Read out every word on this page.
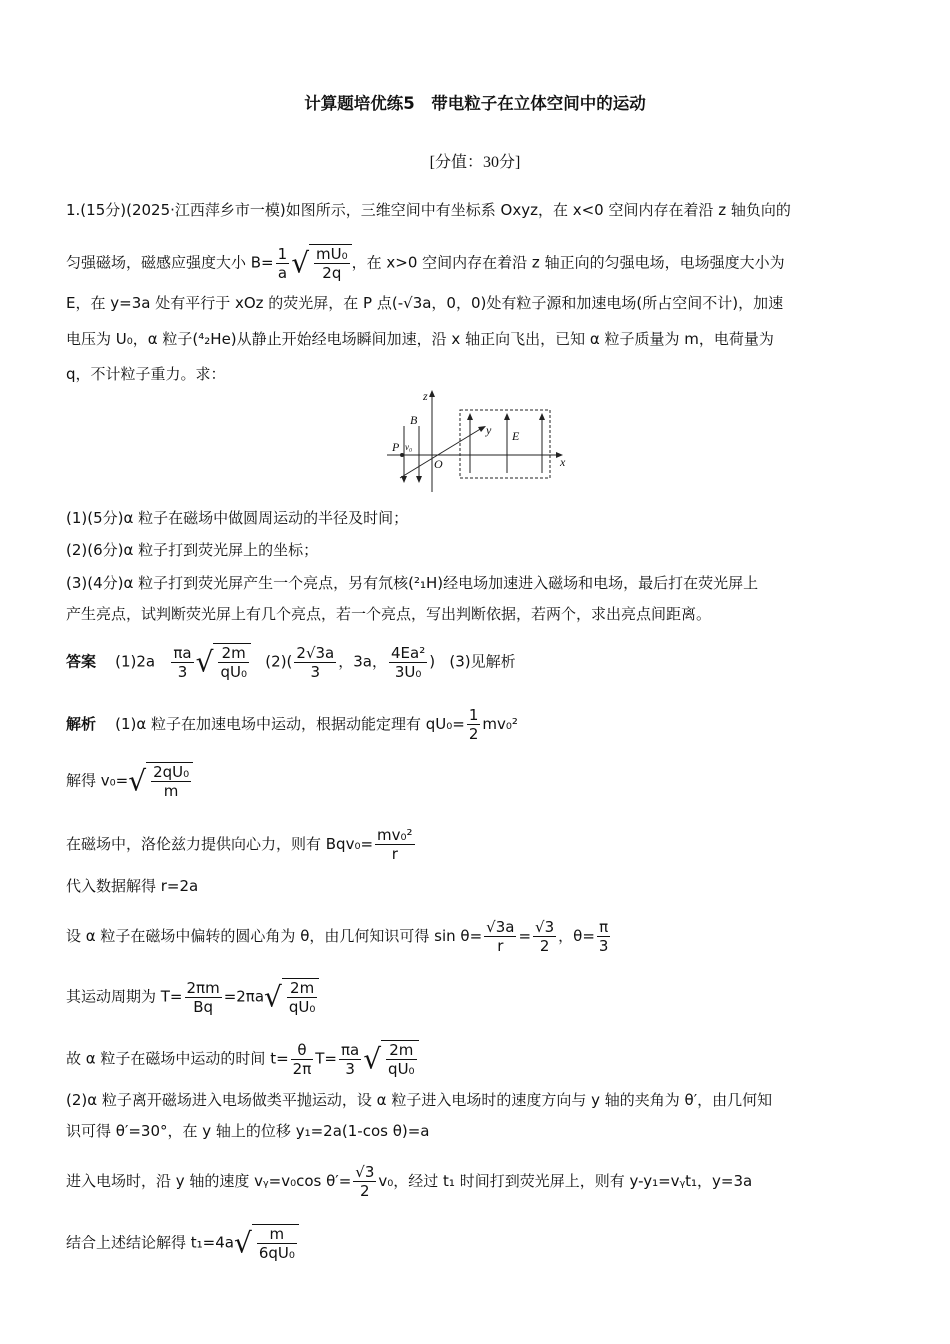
计算题培优练5　带电粒子在立体空间中的运动
[分值：30分]
1.(15分)(2025·江西萍乡市一模)如图所示，三维空间中有坐标系 Oxyz，在 x<0 空间内存在着沿 z 轴负向的
匀强磁场，磁感应强度大小 $B= \frac{1}{a}$ √ $\frac{\text{mU₀}}{2q}$ ，在 x>0 空间内存在着沿 z 轴正向的匀强电场，电场强度大小为
E，在 y=3a 处有平行于 xOz 的荧光屏，在 P 点(-√3a，0，0)处有粒子源和加速电场(所占空间不计)，加速
电压为 U₀，α 粒子(⁴₂He)从静止开始经电场瞬间加速，沿 x 轴正向飞出，已知 α 粒子质量为 m，电荷量为
q，不计粒子重力。求：
z
y
x
B
E
P
O
v₀
(1)(5分)α 粒子在磁场中做圆周运动的半径及时间；
(2)(6分)α 粒子打到荧光屏上的坐标；
(3)(4分)α 粒子打到荧光屏产生一个亮点，另有氘核(²₁H)经电场加速进入磁场和电场，最后打在荧光屏上
产生亮点，试判断荧光屏上有几个亮点，若一个亮点，写出判断依据，若两个，求出亮点间距离。
答案 $(1)2a \frac{\pi a}{3}$ √ $\frac{2m}{\text{qU₀}} (2)( \frac{2√3a}{3}$ ，3a， $\frac{\text{4Ea²}}{\text{3U₀}}$ ) (3)见解析
解析 (1)α 粒子在加速电场中运动，根据动能定理有 $qU_0= \frac{1}{2} mv_0^2$
解得 $v_0=√ \frac{\text{2qU₀}}{m}$
在磁场中，洛伦兹力提供向心力，则有 $Bqv_0= \frac{\text{mv₀²}}{r}$
代入数据解得 r=2a
设 α 粒子在磁场中偏转的圆心角为 θ，由几何知识可得 $\sin \theta= \frac{√3a}{r} = \frac{√3}{2}$ ，$\theta= \frac{\pi}{3}$
其运动周期为 $T= \frac{2\pi m}{Bq} =2\pi a√ \frac{2m}{\text{qU₀}}$
故 α 粒子在磁场中运动的时间 $t= \frac{\theta}{2\pi} T= \frac{\pi a}{3}$ √ $\frac{2m}{\text{qU₀}}$
(2)α 粒子离开磁场进入电场做类平抛运动，设 α 粒子进入电场时的速度方向与 y 轴的夹角为 θ′，由几何知
识可得 θ′=30°，在 y 轴上的位移 y₁=2a(1-cos θ)=a
进入电场时，沿 y 轴的速度 vᵧ=v₀cos $\theta'= \frac{√3}{2} v_0$，经过 t₁ 时间打到荧光屏上，则有 y-y₁=vᵧt₁，y=3a
结合上述结论解得 $t_1=4a√ \frac{m}{\text{6qU₀}}$
